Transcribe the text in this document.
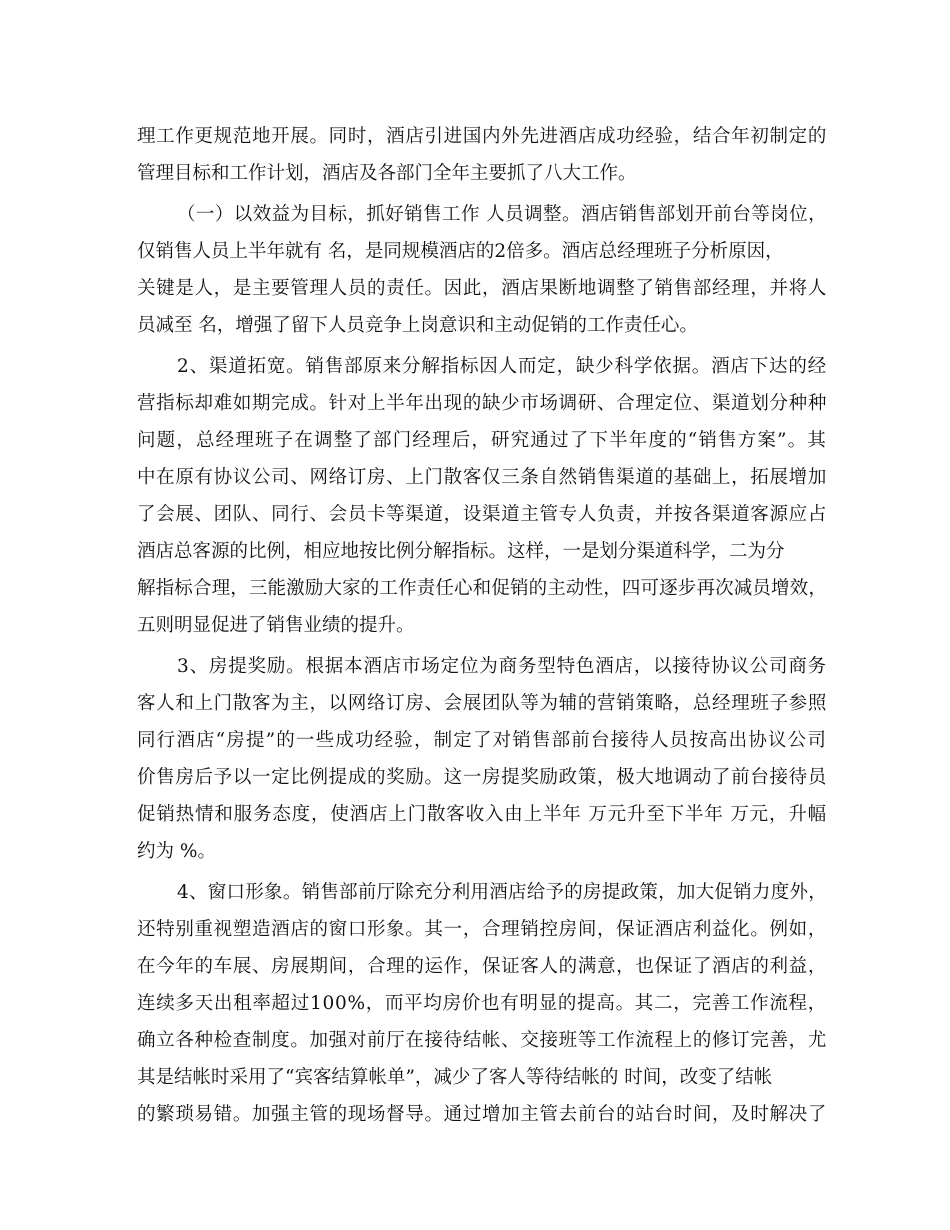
理工作更规范地开展。同时，酒店引进国内外先进酒店成功经验，结合年初制定的
管理目标和工作计划，酒店及各部门全年主要抓了八大工作。
（一）以效益为目标，抓好销售工作 人员调整。酒店销售部划开前台等岗位，
仅销售人员上半年就有 名，是同规模酒店的2倍多。酒店总经理班子分析原因，
关键是人，是主要管理人员的责任。因此，酒店果断地调整了销售部经理，并将人
员减至 名，增强了留下人员竞争上岗意识和主动促销的工作责任心。
2、渠道拓宽。销售部原来分解指标因人而定，缺少科学依据。酒店下达的经
营指标却难如期完成。针对上半年出现的缺少市场调研、合理定位、渠道划分种种
问题，总经理班子在调整了部门经理后，研究通过了下半年度的“销售方案”。其
中在原有协议公司、网络订房、上门散客仅三条自然销售渠道的基础上，拓展增加
了会展、团队、同行、会员卡等渠道，设渠道主管专人负责，并按各渠道客源应占
酒店总客源的比例，相应地按比例分解指标。这样，一是划分渠道科学，二为分
解指标合理，三能激励大家的工作责任心和促销的主动性，四可逐步再次减员增效，
五则明显促进了销售业绩的提升。
3、房提奖励。根据本酒店市场定位为商务型特色酒店，以接待协议公司商务
客人和上门散客为主，以网络订房、会展团队等为辅的营销策略，总经理班子参照
同行酒店“房提”的一些成功经验，制定了对销售部前台接待人员按高出协议公司
价售房后予以一定比例提成的奖励。这一房提奖励政策，极大地调动了前台接待员
促销热情和服务态度，使酒店上门散客收入由上半年 万元升至下半年 万元，升幅
约为 %。
4、窗口形象。销售部前厅除充分利用酒店给予的房提政策，加大促销力度外，
还特别重视塑造酒店的窗口形象。其一，合理销控房间，保证酒店利益化。例如，
在今年的车展、房展期间，合理的运作，保证客人的满意，也保证了酒店的利益，
连续多天出租率超过100%，而平均房价也有明显的提高。其二，完善工作流程，
确立各种检查制度。加强对前厅在接待结帐、交接班等工作流程上的修订完善，尤
其是结帐时采用了“宾客结算帐单”，减少了客人等待结帐的 时间，改变了结帐
的繁琐易错。加强主管的现场督导。通过增加主管去前台的站台时间，及时解决了
